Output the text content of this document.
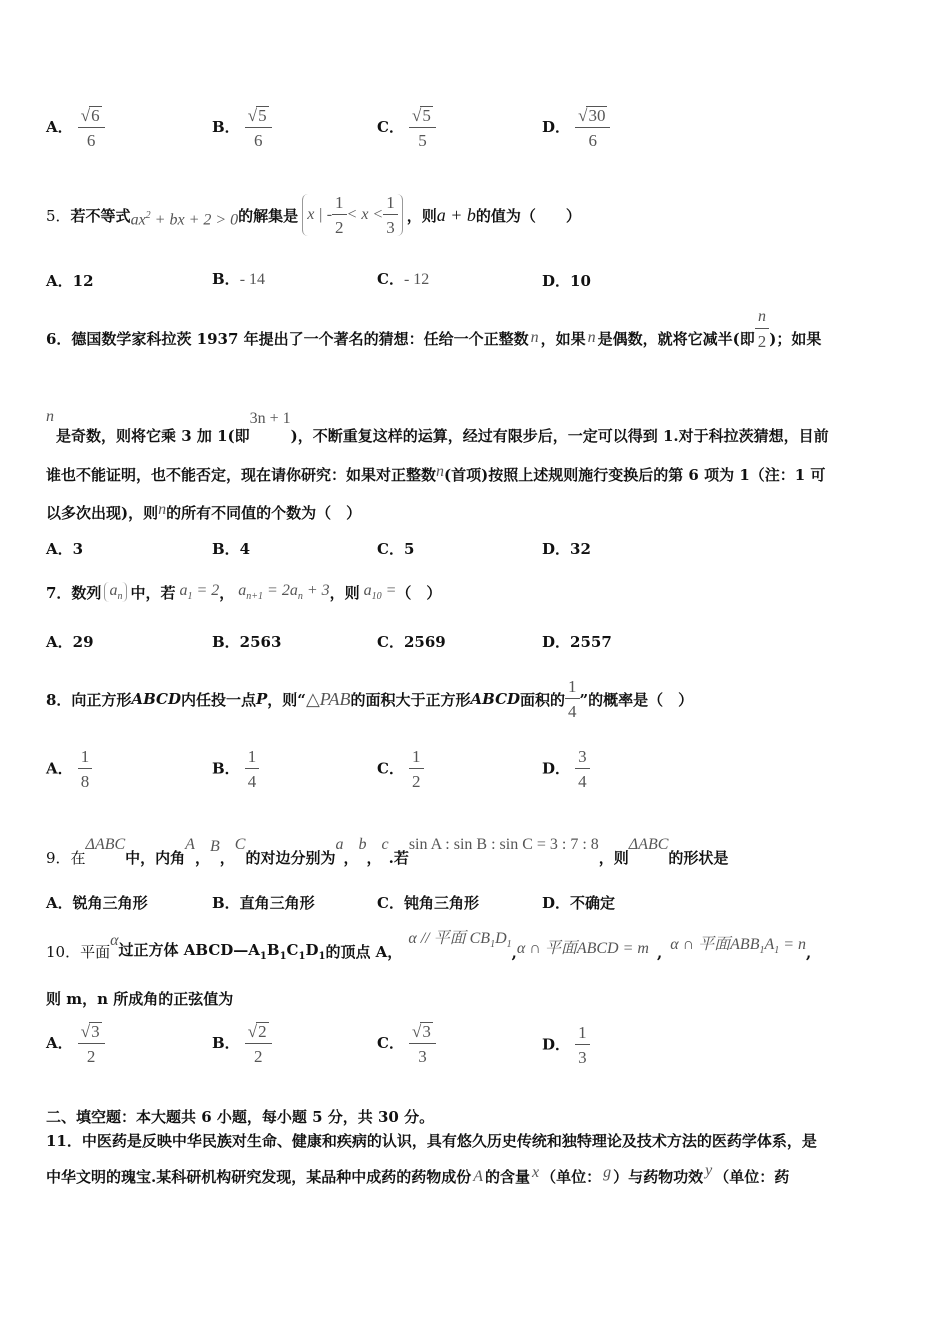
A． $\frac{√ 6}{6}$	B． $\frac{√ 5}{6}$	C． $\frac{√ 5}{5}$	D． $\frac{√ 30}{6}$
5． 若不等式 $ax^2$ + bx + 2 > 0 的解集是 x | - $\frac{1}{2} < x < \frac{1}{3}$ ，则 a + b 的值为（　　）
A．12	B．- 14	C．- 12	D．10
6．德国数学家科拉茨 1937 年提出了一个著名的猜想：任给一个正整数 n ，如果 n 是偶数，就将它减半(即 $\frac{n}{2}$ )；如果
n
是奇数，则将它乘 3 加 1(即
3n + 1
)，不断重复这样的运算，经过有限步后，一定可以得到 1.对于科拉茨猜想，目前
谁也不能证明，也不能否定，现在请你研究：如果对正整数n(首项)按照上述规则施行变换后的第 6 项为 1（注：1 可
以多次出现)，则n的所有不同值的个数为（　）
A．3	B．4	C．5	D．32
7．数列 $a_n$ 中，若 $a_1 = 2$ ， $a_{n+1} = 2a_n + 3$ ，则 $a_{10}$ = （　）
A．29	B．2563	C．2569	D．2557
8．向正方形 ABCD 内任投一点 P ，则“ △PAB 的面积大于正方形 ABCD 面积的 $\frac{1}{4}$ ”的概率是（　）
A． $\frac{1}{8}$	B． $\frac{1}{4}$	C． $\frac{1}{2}$	D． $\frac{3}{4}$
9．在
ΔABC
中，内角
A
，
B
，
C
的对边分别为
a
，
b
，
c
.若
sin A : sin B : sin C = 3 : 7 : 8
，则
ΔABC
的形状是
A．锐角三角形	B．直角三角形	C．钝角三角形	D．不确定
10．平面
α
过正方体 $ABCD—A_1B_1C_1D_1$ 的顶点 A，
α // 平面 $CB_1D_1$ , α ∩ 平面ABCD = m , α ∩ 平面$ABB_1A_1 = n$ ,
则 m，n 所成角的正弦值为
A． $\frac{√ 3}{2}$	B． $\frac{√ 2}{2}$	C． $\frac{√ 3}{3}$	D． $\frac{1}{3}$
二、填空题：本大题共 6 小题，每小题 5 分，共 30 分。
11．中医药是反映中华民族对生命、健康和疾病的认识，具有悠久历史传统和独特理论及技术方法的医药学体系，是
中华文明的瑰宝.某科研机构研究发现，某品种中成药的药物成份 A 的含量 x （单位： g ）与药物功效 y （单位：药
